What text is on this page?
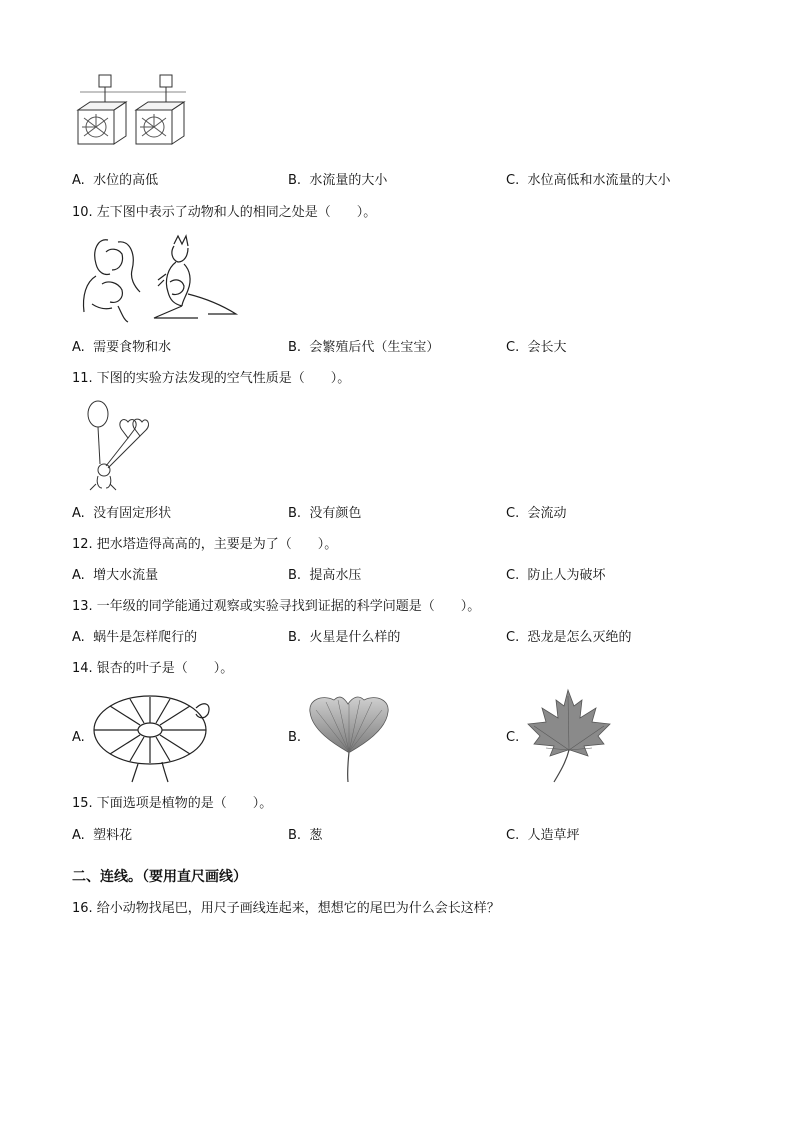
A. 水位的高低	B. 水流量的大小	C. 水位高低和水流量的大小
10. 左下图中表示了动物和人的相同之处是（　　）。
A. 需要食物和水	B. 会繁殖后代（生宝宝）	C. 会长大
11. 下图的实验方法发现的空气性质是（　　）。
A. 没有固定形状	B. 没有颜色	C. 会流动
12. 把水塔造得高高的，主要是为了（　　）。
A. 增大水流量	B. 提高水压	C. 防止人为破坏
13. 一年级的同学能通过观察或实验寻找到证据的科学问题是（　　）。
A. 蜗牛是怎样爬行的	B. 火星是什么样的	C. 恐龙是怎么灭绝的
14. 银杏的叶子是（　　）。
A.	B.	C.
15. 下面选项是植物的是（　　）。
A. 塑料花	B. 葱	C. 人造草坪
二、连线。（要用直尺画线）
16. 给小动物找尾巴，用尺子画线连起来，想想它的尾巴为什么会长这样？
